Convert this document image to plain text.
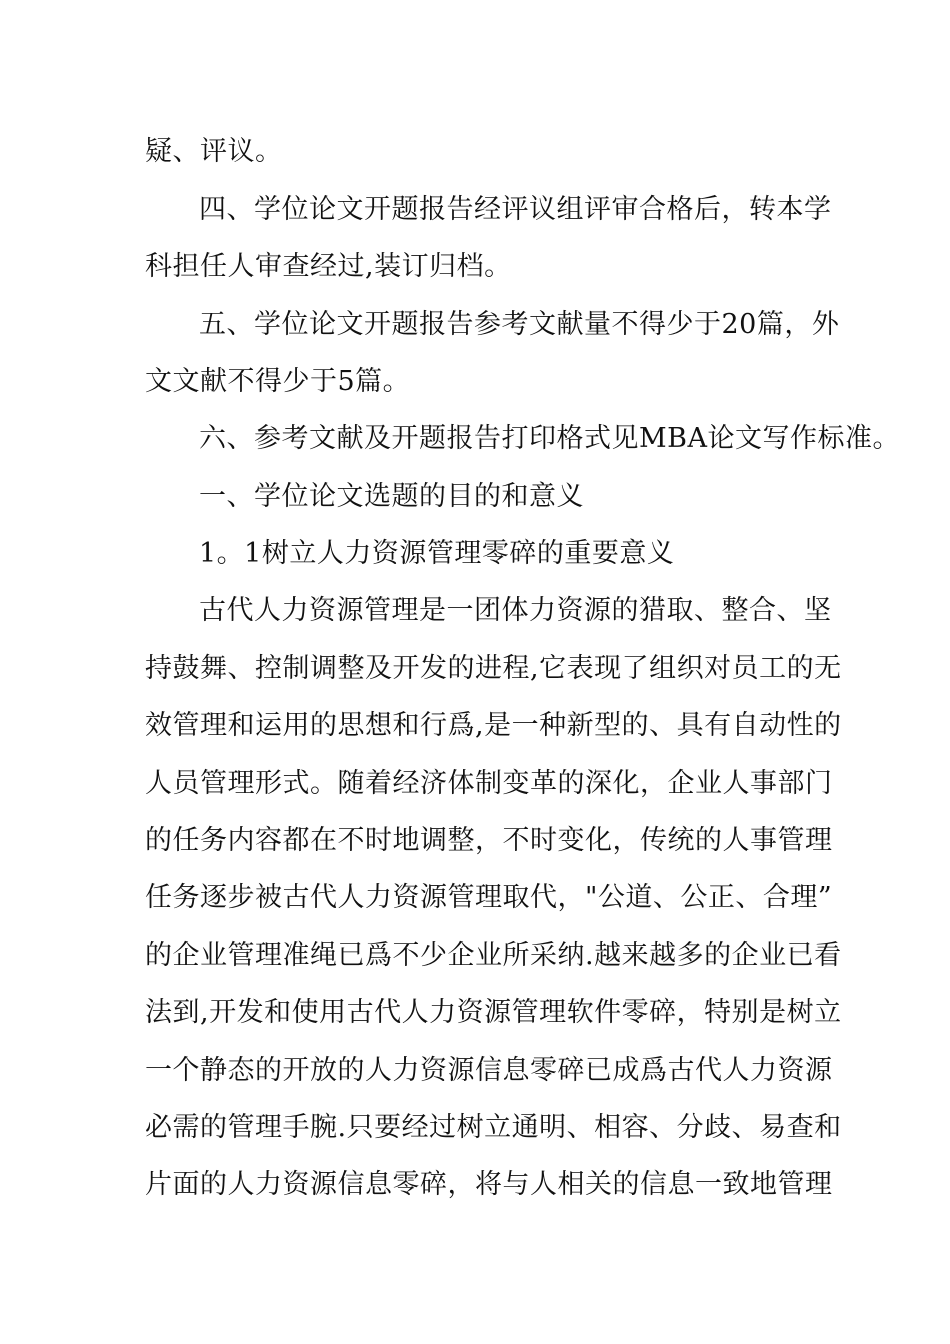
疑、评议。
四、学位论文开题报告经评议组评审合格后，转本学
科担任人审查经过,装订归档。
五、学位论文开题报告参考文献量不得少于20篇，外
文文献不得少于5篇。
六、参考文献及开题报告打印格式见MBA论文写作标准。
一、学位论文选题的目的和意义
1。1树立人力资源管理零碎的重要意义
古代人力资源管理是一团体力资源的猎取、整合、坚
持鼓舞、控制调整及开发的进程,它表现了组织对员工的无
效管理和运用的思想和行爲,是一种新型的、具有自动性的
人员管理形式。随着经济体制变革的深化，企业人事部门
的任务内容都在不时地调整，不时变化，传统的人事管理
任务逐步被古代人力资源管理取代，"公道、公正、合理”
的企业管理准绳已爲不少企业所采纳.越来越多的企业已看
法到,开发和使用古代人力资源管理软件零碎，特别是树立
一个静态的开放的人力资源信息零碎已成爲古代人力资源
必需的管理手腕.只要经过树立通明、相容、分歧、易查和
片面的人力资源信息零碎，将与人相关的信息一致地管理
